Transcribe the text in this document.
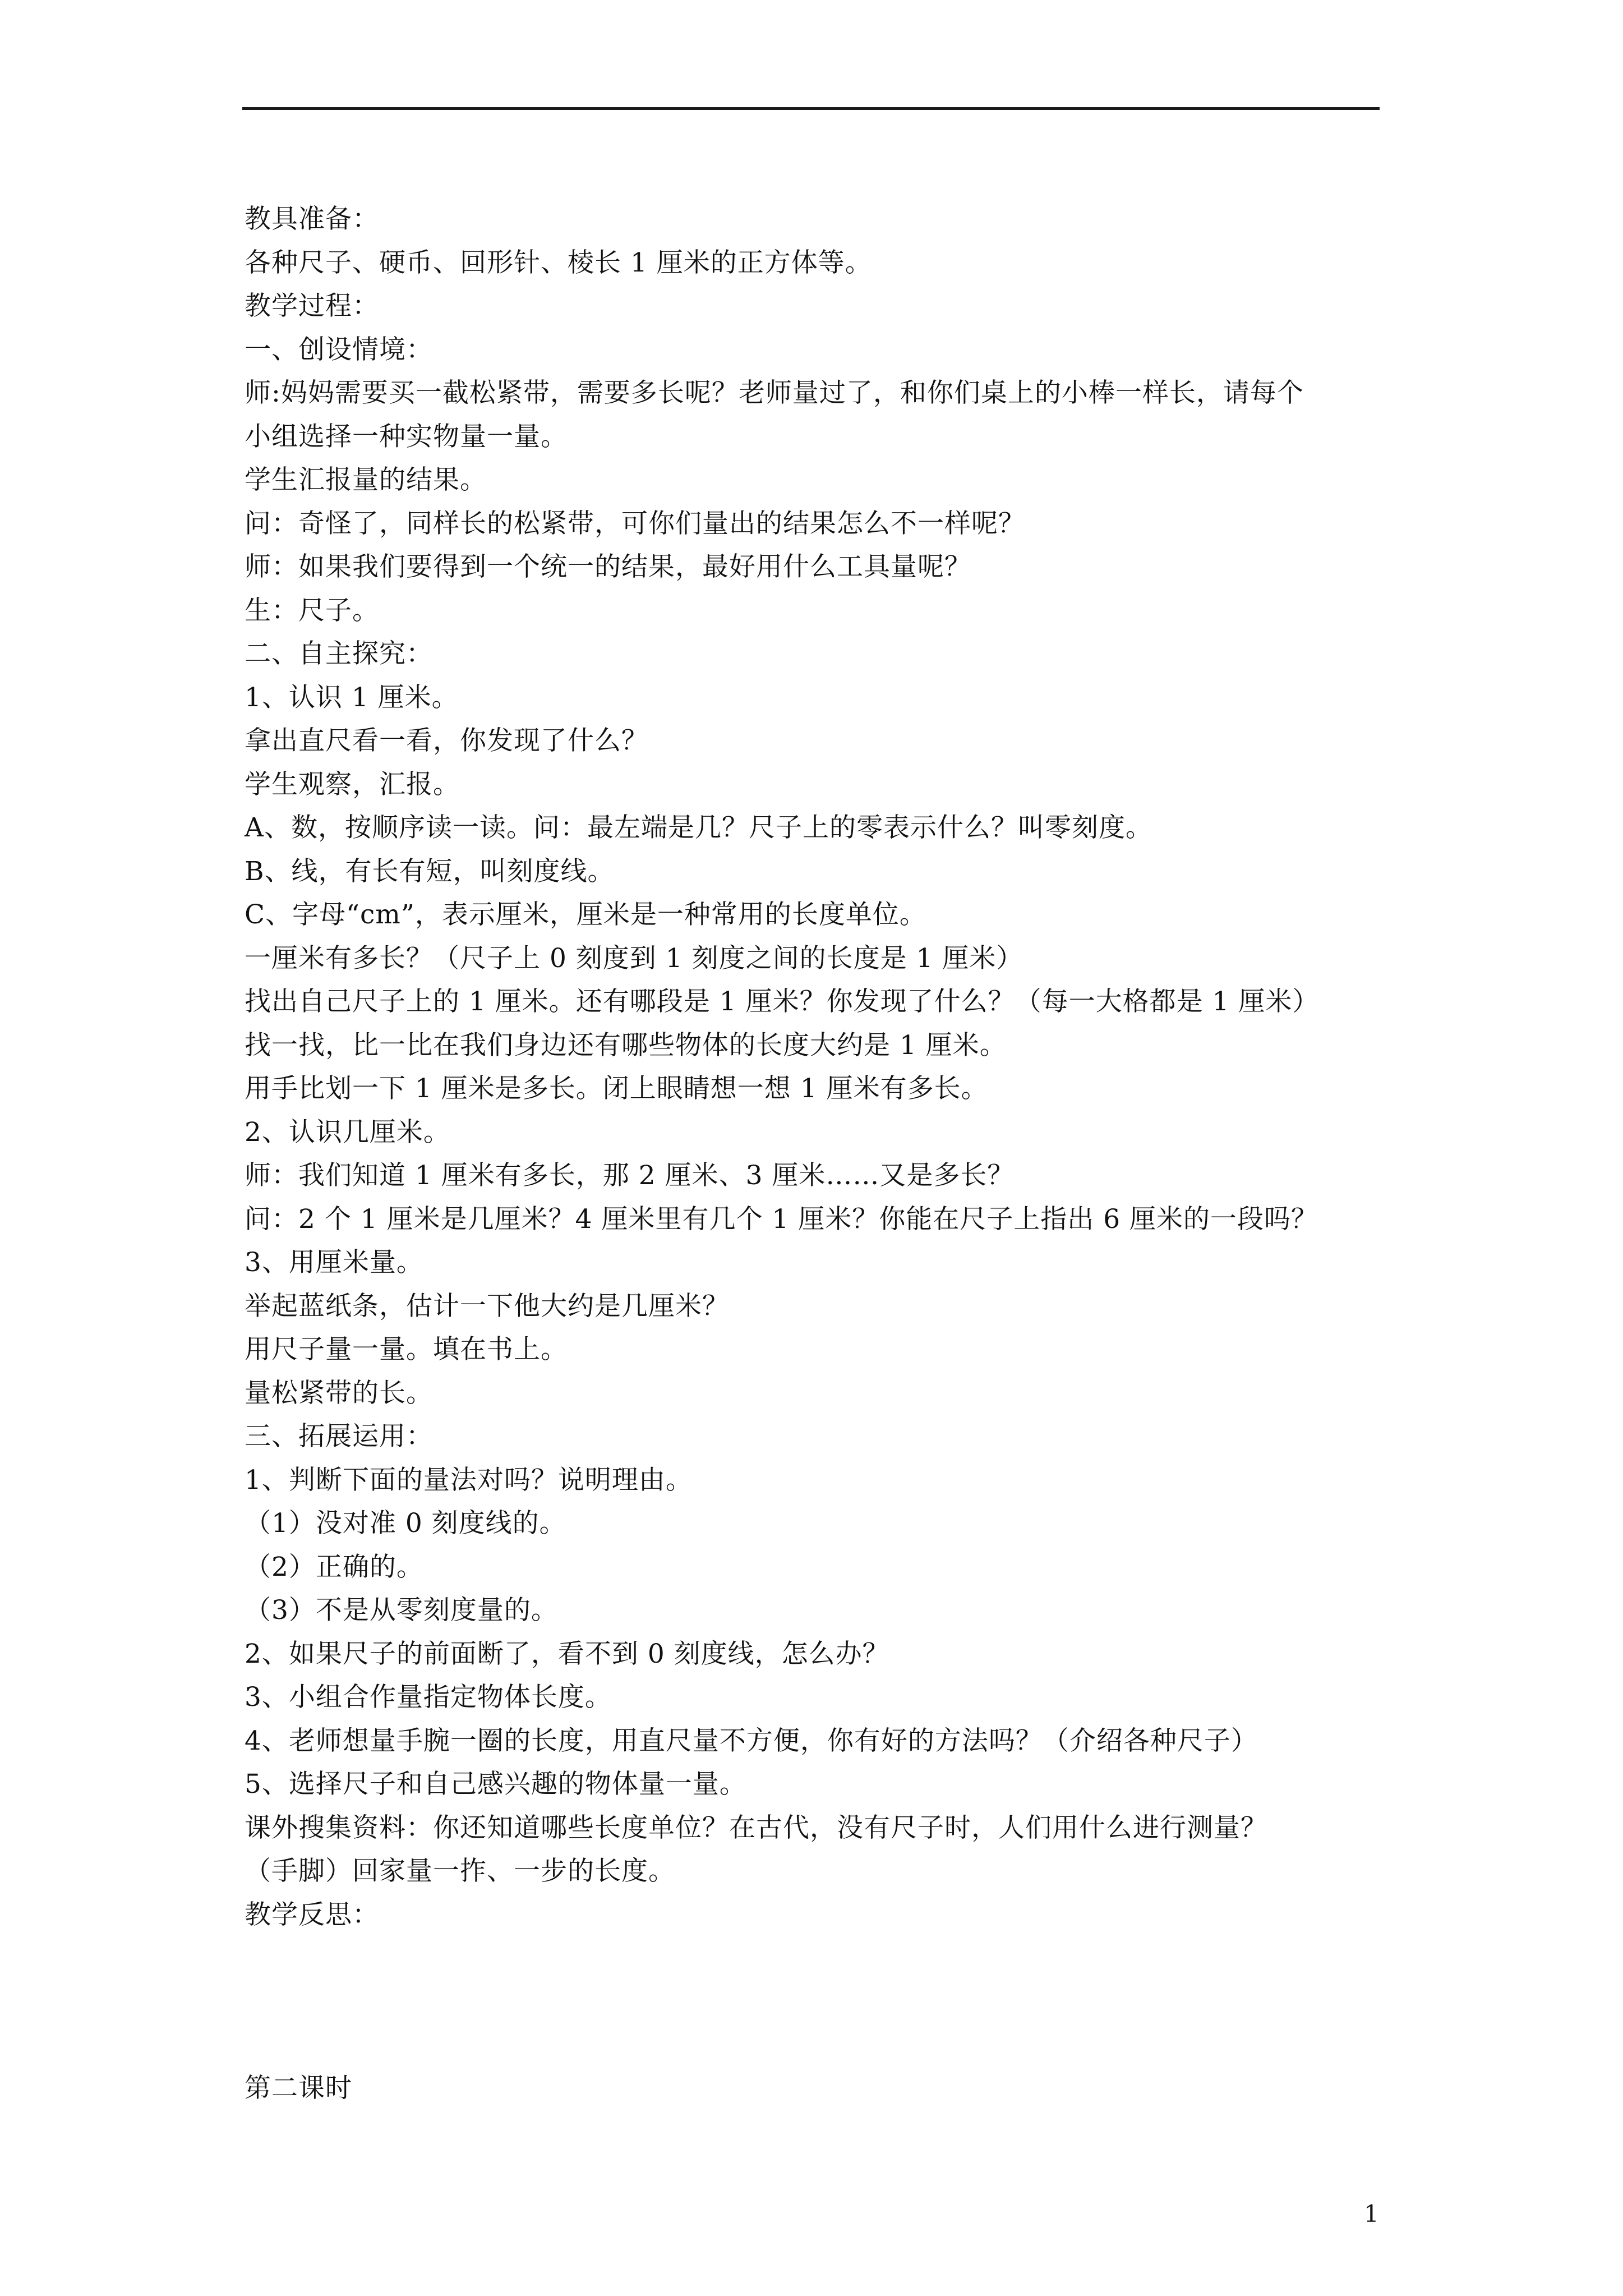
教具准备：
各种尺子、硬币、回形针、棱长 1 厘米的正方体等。
教学过程：
一、创设情境：
师:妈妈需要买一截松紧带，需要多长呢？老师量过了，和你们桌上的小棒一样长，请每个
小组选择一种实物量一量。
学生汇报量的结果。
问：奇怪了，同样长的松紧带，可你们量出的结果怎么不一样呢？
师：如果我们要得到一个统一的结果，最好用什么工具量呢？
生：尺子。
二、自主探究：
1、认识 1 厘米。
拿出直尺看一看，你发现了什么？
学生观察，汇报。
A、数，按顺序读一读。问：最左端是几？尺子上的零表示什么？叫零刻度。
B、线，有长有短，叫刻度线。
C、字母“cm”，表示厘米，厘米是一种常用的长度单位。
一厘米有多长？（尺子上 0 刻度到 1 刻度之间的长度是 1 厘米）
找出自己尺子上的 1 厘米。还有哪段是 1 厘米？你发现了什么？（每一大格都是 1 厘米）
找一找，比一比在我们身边还有哪些物体的长度大约是 1 厘米。
用手比划一下 1 厘米是多长。闭上眼睛想一想 1 厘米有多长。
2、认识几厘米。
师：我们知道 1 厘米有多长，那 2 厘米、3 厘米……又是多长？
问：2 个 1 厘米是几厘米？4 厘米里有几个 1 厘米？你能在尺子上指出 6 厘米的一段吗？
3、用厘米量。
举起蓝纸条，估计一下他大约是几厘米？
用尺子量一量。填在书上。
量松紧带的长。
三、拓展运用：
1、判断下面的量法对吗？说明理由。
（1）没对准 0 刻度线的。
（2）正确的。
（3）不是从零刻度量的。
2、如果尺子的前面断了，看不到 0 刻度线，怎么办？
3、小组合作量指定物体长度。
4、老师想量手腕一圈的长度，用直尺量不方便，你有好的方法吗？（介绍各种尺子）
5、选择尺子和自己感兴趣的物体量一量。
课外搜集资料：你还知道哪些长度单位？在古代，没有尺子时，人们用什么进行测量？
（手脚）回家量一拃、一步的长度。
教学反思：
第二课时
1
